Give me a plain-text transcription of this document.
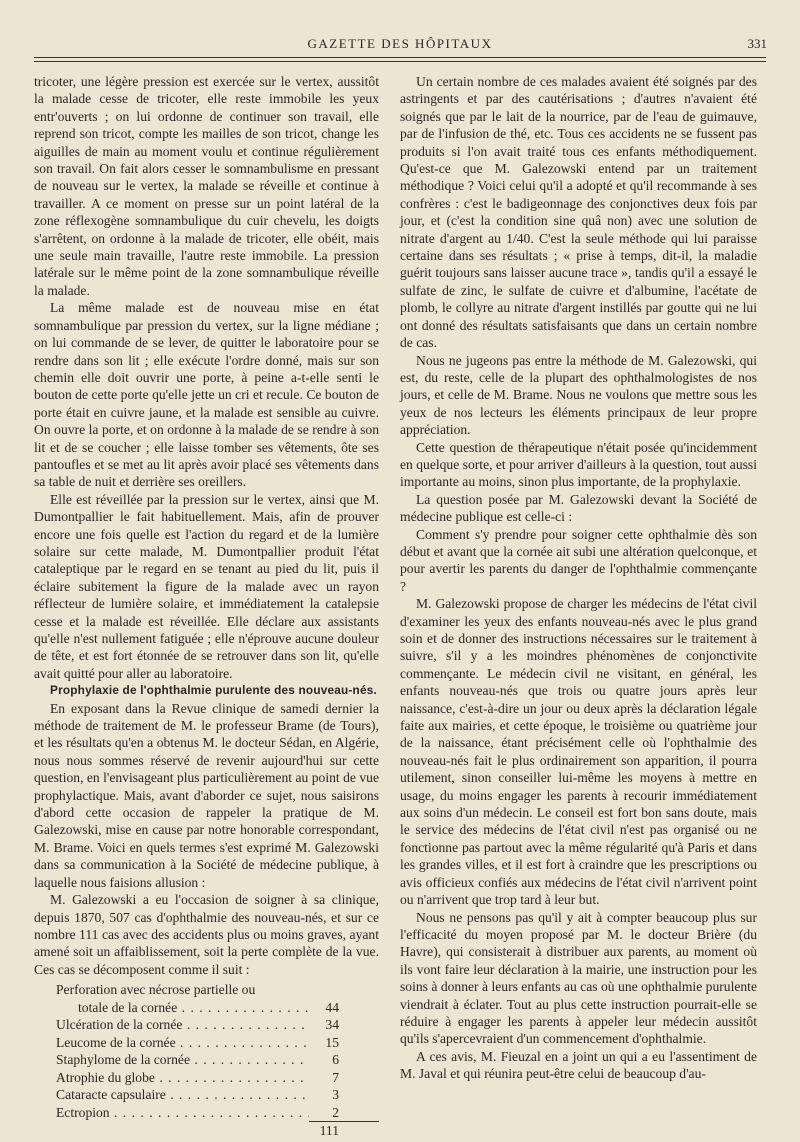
GAZETTE DES HÔPITAUX	331

tricoter, une légère pression est exercée sur le vertex, aussitôt la malade cesse de tricoter, elle reste immobile les yeux entr'ouverts ; on lui ordonne de continuer son travail, elle reprend son tricot, compte les mailles de son tricot, change les aiguilles de main au moment voulu et continue régulièrement son travail. On fait alors cesser le somnambulisme en pressant de nouveau sur le vertex, la malade se réveille et continue à travailler. A ce moment on presse sur un point latéral de la zone réflexogène somnambulique du cuir chevelu, les doigts s'arrêtent, on ordonne à la malade de tricoter, elle obéit, mais une seule main travaille, l'autre reste immobile. La pression latérale sur le même point de la zone somnambulique réveille la malade.

La même malade est de nouveau mise en état somnambulique par pression du vertex, sur la ligne médiane ; on lui commande de se lever, de quitter le laboratoire pour se rendre dans son lit ; elle exécute l'ordre donné, mais sur son chemin elle doit ouvrir une porte, à peine a-t-elle senti le bouton de cette porte qu'elle jette un cri et recule. Ce bouton de porte était en cuivre jaune, et la malade est sensible au cuivre. On ouvre la porte, et on ordonne à la malade de se rendre à son lit et de se coucher ; elle laisse tomber ses vêtements, ôte ses pantoufles et se met au lit après avoir placé ses vêtements dans sa table de nuit et derrière ses oreillers.

Elle est réveillée par la pression sur le vertex, ainsi que M. Dumontpallier le fait habituellement. Mais, afin de prouver encore une fois quelle est l'action du regard et de la lumière solaire sur cette malade, M. Dumontpallier produit l'état cataleptique par le regard en se tenant au pied du lit, puis il éclaire subitement la figure de la malade avec un rayon réflecteur de lumière solaire, et immédiatement la catalepsie cesse et la malade est réveillée. Elle déclare aux assistants qu'elle n'est nullement fatiguée ; elle n'éprouve aucune douleur de tête, et est fort étonnée de se retrouver dans son lit, qu'elle avait quitté pour aller au laboratoire.

Prophylaxie de l'ophthalmie purulente des nouveau-nés.

En exposant dans la Revue clinique de samedi dernier la méthode de traitement de M. le professeur Brame (de Tours), et les résultats qu'en a obtenus M. le docteur Sédan, en Algérie, nous nous sommes réservé de revenir aujourd'hui sur cette question, en l'envisageant plus particulièrement au point de vue prophylactique. Mais, avant d'aborder ce sujet, nous saisirons d'abord cette occasion de rappeler la pratique de M. Galezowski, mise en cause par notre honorable correspondant, M. Brame. Voici en quels termes s'est exprimé M. Galezowski dans sa communication à la Société de médecine publique, à laquelle nous faisions allusion :

M. Galezowski a eu l'occasion de soigner à sa clinique, depuis 1870, 507 cas d'ophthalmie des nouveau-nés, et sur ce nombre 111 cas avec des accidents plus ou moins graves, ayant amené soit un affaiblissement, soit la perte complète de la vue. Ces cas se décomposent comme il suit :

Perforation avec nécrose partielle ou
totale de la cornée . . .	44
Ulcération de la cornée . . .	34
Leucome de la cornée . . .	15
Staphylome de la cornée . . .	6
Atrophie du globe . . .	7
Cataracte capsulaire . . .	3
Ectropion . . .	2
111

Un certain nombre de ces malades avaient été soignés par des astringents et par des cautérisations ; d'autres n'avaient été soignés que par le lait de la nourrice, par de l'eau de guimauve, par de l'infusion de thé, etc. Tous ces accidents ne se fussent pas produits si l'on avait traité tous ces enfants méthodiquement. Qu'est-ce que M. Galezowski entend par un traitement méthodique ? Voici celui qu'il a adopté et qu'il recommande à ses confrères : c'est le badigeonnage des conjonctives deux fois par jour, et (c'est la condition sine quâ non) avec une solution de nitrate d'argent au 1/40. C'est la seule méthode qui lui paraisse certaine dans ses résultats ; « prise à temps, dit-il, la maladie guérit toujours sans laisser aucune trace », tandis qu'il a essayé le sulfate de zinc, le sulfate de cuivre et d'albumine, l'acétate de plomb, le collyre au nitrate d'argent instillés par goutte qui ne lui ont donné des résultats satisfaisants que dans un certain nombre de cas.

Nous ne jugeons pas entre la méthode de M. Galezowski, qui est, du reste, celle de la plupart des ophthalmologistes de nos jours, et celle de M. Brame. Nous ne voulons que mettre sous les yeux de nos lecteurs les éléments principaux de leur propre appréciation.

Cette question de thérapeutique n'était posée qu'incidemment en quelque sorte, et pour arriver d'ailleurs à la question, tout aussi importante au moins, sinon plus importante, de la prophylaxie.

La question posée par M. Galezowski devant la Société de médecine publique est celle-ci :

Comment s'y prendre pour soigner cette ophthalmie dès son début et avant que la cornée ait subi une altération quelconque, et pour avertir les parents du danger de l'ophthalmie commençante ?

M. Galezowski propose de charger les médecins de l'état civil d'examiner les yeux des enfants nouveau-nés avec le plus grand soin et de donner des instructions nécessaires sur le traitement à suivre, s'il y a les moindres phénomènes de conjonctivite commençante. Le médecin civil ne visitant, en général, les enfants nouveau-nés que trois ou quatre jours après leur naissance, c'est-à-dire un jour ou deux après la déclaration légale faite aux mairies, et cette époque, le troisième ou quatrième jour de la naissance, étant précisément celle où l'ophthalmie des nouveau-nés fait le plus ordinairement son apparition, il pourra utilement, sinon conseiller lui-même les moyens à mettre en usage, du moins engager les parents à recourir immédiatement aux soins d'un médecin. Le conseil est fort bon sans doute, mais le service des médecins de l'état civil n'est pas organisé ou ne fonctionne pas partout avec la même régularité qu'à Paris et dans les grandes villes, et il est fort à craindre que les prescriptions ou avis officieux confiés aux médecins de l'état civil n'arrivent point ou n'arrivent que trop tard à leur but.

Nous ne pensons pas qu'il y ait à compter beaucoup plus sur l'efficacité du moyen proposé par M. le docteur Brière (du Havre), qui consisterait à distribuer aux parents, au moment où ils vont faire leur déclaration à la mairie, une instruction pour les soins à donner à leurs enfants au cas où une ophthalmie purulente viendrait à éclater. Tout au plus cette instruction pourrait-elle se réduire à engager les parents à appeler leur médecin aussitôt qu'ils s'apercevraient d'un commencement d'ophthalmie.

A ces avis, M. Fieuzal en a joint un qui a eu l'assentiment de M. Javal et qui réunira peut-être celui de beaucoup d'au-
